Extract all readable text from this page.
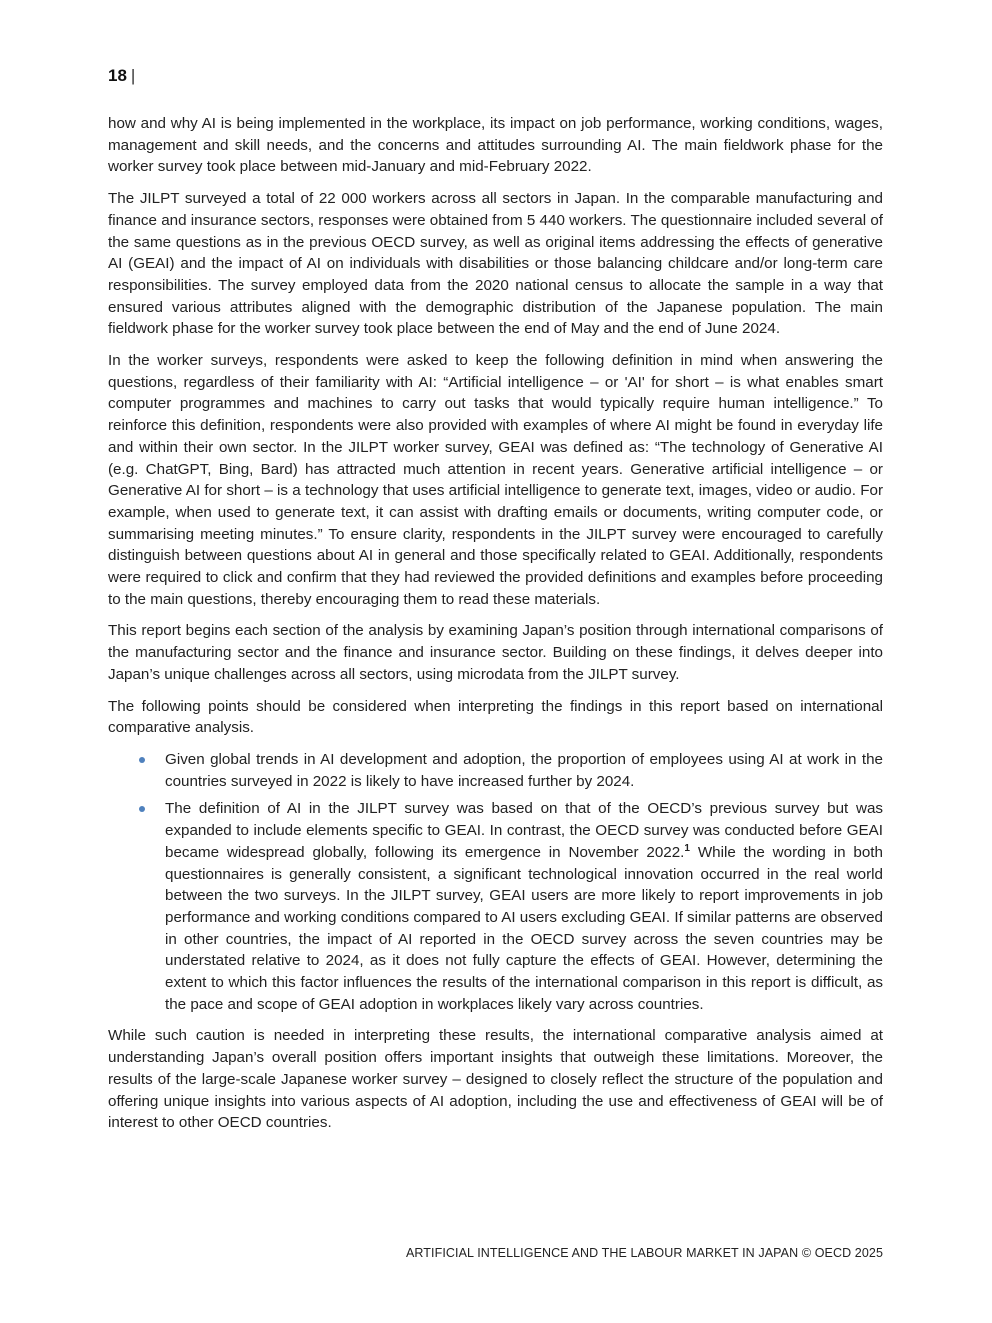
18 |

how and why AI is being implemented in the workplace, its impact on job performance, working conditions, wages, management and skill needs, and the concerns and attitudes surrounding AI. The main fieldwork phase for the worker survey took place between mid-January and mid-February 2022.

The JILPT surveyed a total of 22 000 workers across all sectors in Japan. In the comparable manufacturing and finance and insurance sectors, responses were obtained from 5 440 workers. The questionnaire included several of the same questions as in the previous OECD survey, as well as original items addressing the effects of generative AI (GEAI) and the impact of AI on individuals with disabilities or those balancing childcare and/or long-term care responsibilities. The survey employed data from the 2020 national census to allocate the sample in a way that ensured various attributes aligned with the demographic distribution of the Japanese population. The main fieldwork phase for the worker survey took place between the end of May and the end of June 2024.

In the worker surveys, respondents were asked to keep the following definition in mind when answering the questions, regardless of their familiarity with AI: “Artificial intelligence – or 'AI' for short – is what enables smart computer programmes and machines to carry out tasks that would typically require human intelligence.” To reinforce this definition, respondents were also provided with examples of where AI might be found in everyday life and within their own sector. In the JILPT worker survey, GEAI was defined as: “The technology of Generative AI (e.g. ChatGPT, Bing, Bard) has attracted much attention in recent years. Generative artificial intelligence – or Generative AI for short – is a technology that uses artificial intelligence to generate text, images, video or audio. For example, when used to generate text, it can assist with drafting emails or documents, writing computer code, or summarising meeting minutes.” To ensure clarity, respondents in the JILPT survey were encouraged to carefully distinguish between questions about AI in general and those specifically related to GEAI. Additionally, respondents were required to click and confirm that they had reviewed the provided definitions and examples before proceeding to the main questions, thereby encouraging them to read these materials.

This report begins each section of the analysis by examining Japan’s position through international comparisons of the manufacturing sector and the finance and insurance sector. Building on these findings, it delves deeper into Japan’s unique challenges across all sectors, using microdata from the JILPT survey.

The following points should be considered when interpreting the findings in this report based on international comparative analysis.

Given global trends in AI development and adoption, the proportion of employees using AI at work in the countries surveyed in 2022 is likely to have increased further by 2024.
The definition of AI in the JILPT survey was based on that of the OECD’s previous survey but was expanded to include elements specific to GEAI. In contrast, the OECD survey was conducted before GEAI became widespread globally, following its emergence in November 2022.$^1$ While the wording in both questionnaires is generally consistent, a significant technological innovation occurred in the real world between the two surveys. In the JILPT survey, GEAI users are more likely to report improvements in job performance and working conditions compared to AI users excluding GEAI. If similar patterns are observed in other countries, the impact of AI reported in the OECD survey across the seven countries may be understated relative to 2024, as it does not fully capture the effects of GEAI. However, determining the extent to which this factor influences the results of the international comparison in this report is difficult, as the pace and scope of GEAI adoption in workplaces likely vary across countries.

While such caution is needed in interpreting these results, the international comparative analysis aimed at understanding Japan’s overall position offers important insights that outweigh these limitations. Moreover, the results of the large-scale Japanese worker survey – designed to closely reflect the structure of the population and offering unique insights into various aspects of AI adoption, including the use and effectiveness of GEAI will be of interest to other OECD countries.

ARTIFICIAL INTELLIGENCE AND THE LABOUR MARKET IN JAPAN © OECD 2025
